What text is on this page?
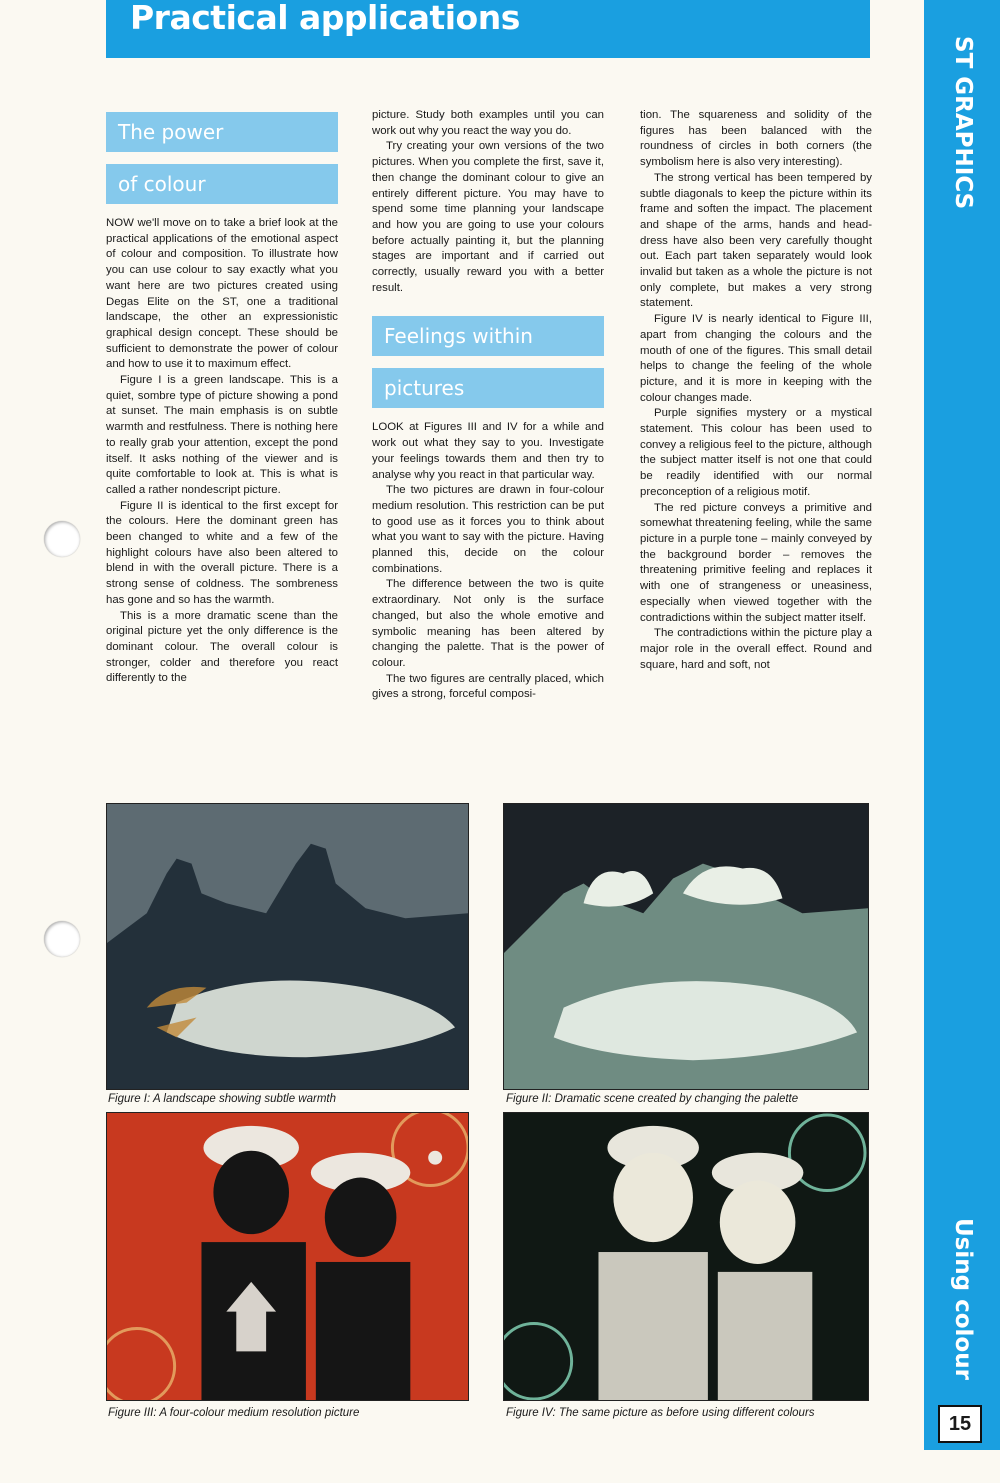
Practical applications
ST GRAPHICS
Using colour
15
The power
of colour

NOW we'll move on to take a brief look at the practical applications of the emotional aspect of colour and composition. To illustrate how you can use colour to say exactly what you want here are two pictures created using Degas Elite on the ST, one a traditional landscape, the other an expressionistic graphical design concept. These should be sufficient to demonstrate the power of colour and how to use it to maximum effect.

Figure I is a green landscape. This is a quiet, sombre type of picture showing a pond at sunset. The main emphasis is on subtle warmth and restfulness. There is nothing here to really grab your attention, except the pond itself. It asks nothing of the viewer and is quite comfortable to look at. This is what is called a rather nondescript picture.

Figure II is identical to the first except for the colours. Here the dominant green has been changed to white and a few of the highlight colours have also been altered to blend in with the overall picture. There is a strong sense of coldness. The sombreness has gone and so has the warmth.

This is a more dramatic scene than the original picture yet the only difference is the dominant colour. The overall colour is stronger, colder and therefore you react differently to the

picture. Study both examples until you can work out why you react the way you do.

Try creating your own versions of the two pictures. When you complete the first, save it, then change the dominant colour to give an entirely different picture. You may have to spend some time planning your landscape and how you are going to use your colours before actually painting it, but the planning stages are important and if carried out correctly, usually reward you with a better result.

Feelings within
pictures

LOOK at Figures III and IV for a while and work out what they say to you. Investigate your feelings towards them and then try to analyse why you react in that particular way.

The two pictures are drawn in four-colour medium resolution. This restriction can be put to good use as it forces you to think about what you want to say with the picture. Having planned this, decide on the colour combinations.

The difference between the two is quite extraordinary. Not only is the surface changed, but also the whole emotive and symbolic meaning has been altered by changing the palette. That is the power of colour.

The two figures are centrally placed, which gives a strong, forceful composi-

tion. The squareness and solidity of the figures has been balanced with the roundness of circles in both corners (the symbolism here is also very interesting).

The strong vertical has been tempered by subtle diagonals to keep the picture within its frame and soften the impact. The placement and shape of the arms, hands and head-dress have also been very carefully thought out. Each part taken separately would look invalid but taken as a whole the picture is not only complete, but makes a very strong statement.

Figure IV is nearly identical to Figure III, apart from changing the colours and the mouth of one of the figures. This small detail helps to change the feeling of the whole picture, and it is more in keeping with the colour changes made.

Purple signifies mystery or a mystical statement. This colour has been used to convey a religious feel to the picture, although the subject matter itself is not one that could be readily identified with our normal preconception of a religious motif.

The red picture conveys a primitive and somewhat threatening feeling, while the same picture in a purple tone – mainly conveyed by the background border – removes the threatening primitive feeling and replaces it with one of strangeness or uneasiness, especially when viewed together with the contradictions within the subject matter itself.

The contradictions within the picture play a major role in the overall effect. Round and square, hard and soft, not

Figure I: A landscape showing subtle warmth	Figure II: Dramatic scene created by changing the palette
Figure III: A four-colour medium resolution picture	Figure IV: The same picture as before using different colours
